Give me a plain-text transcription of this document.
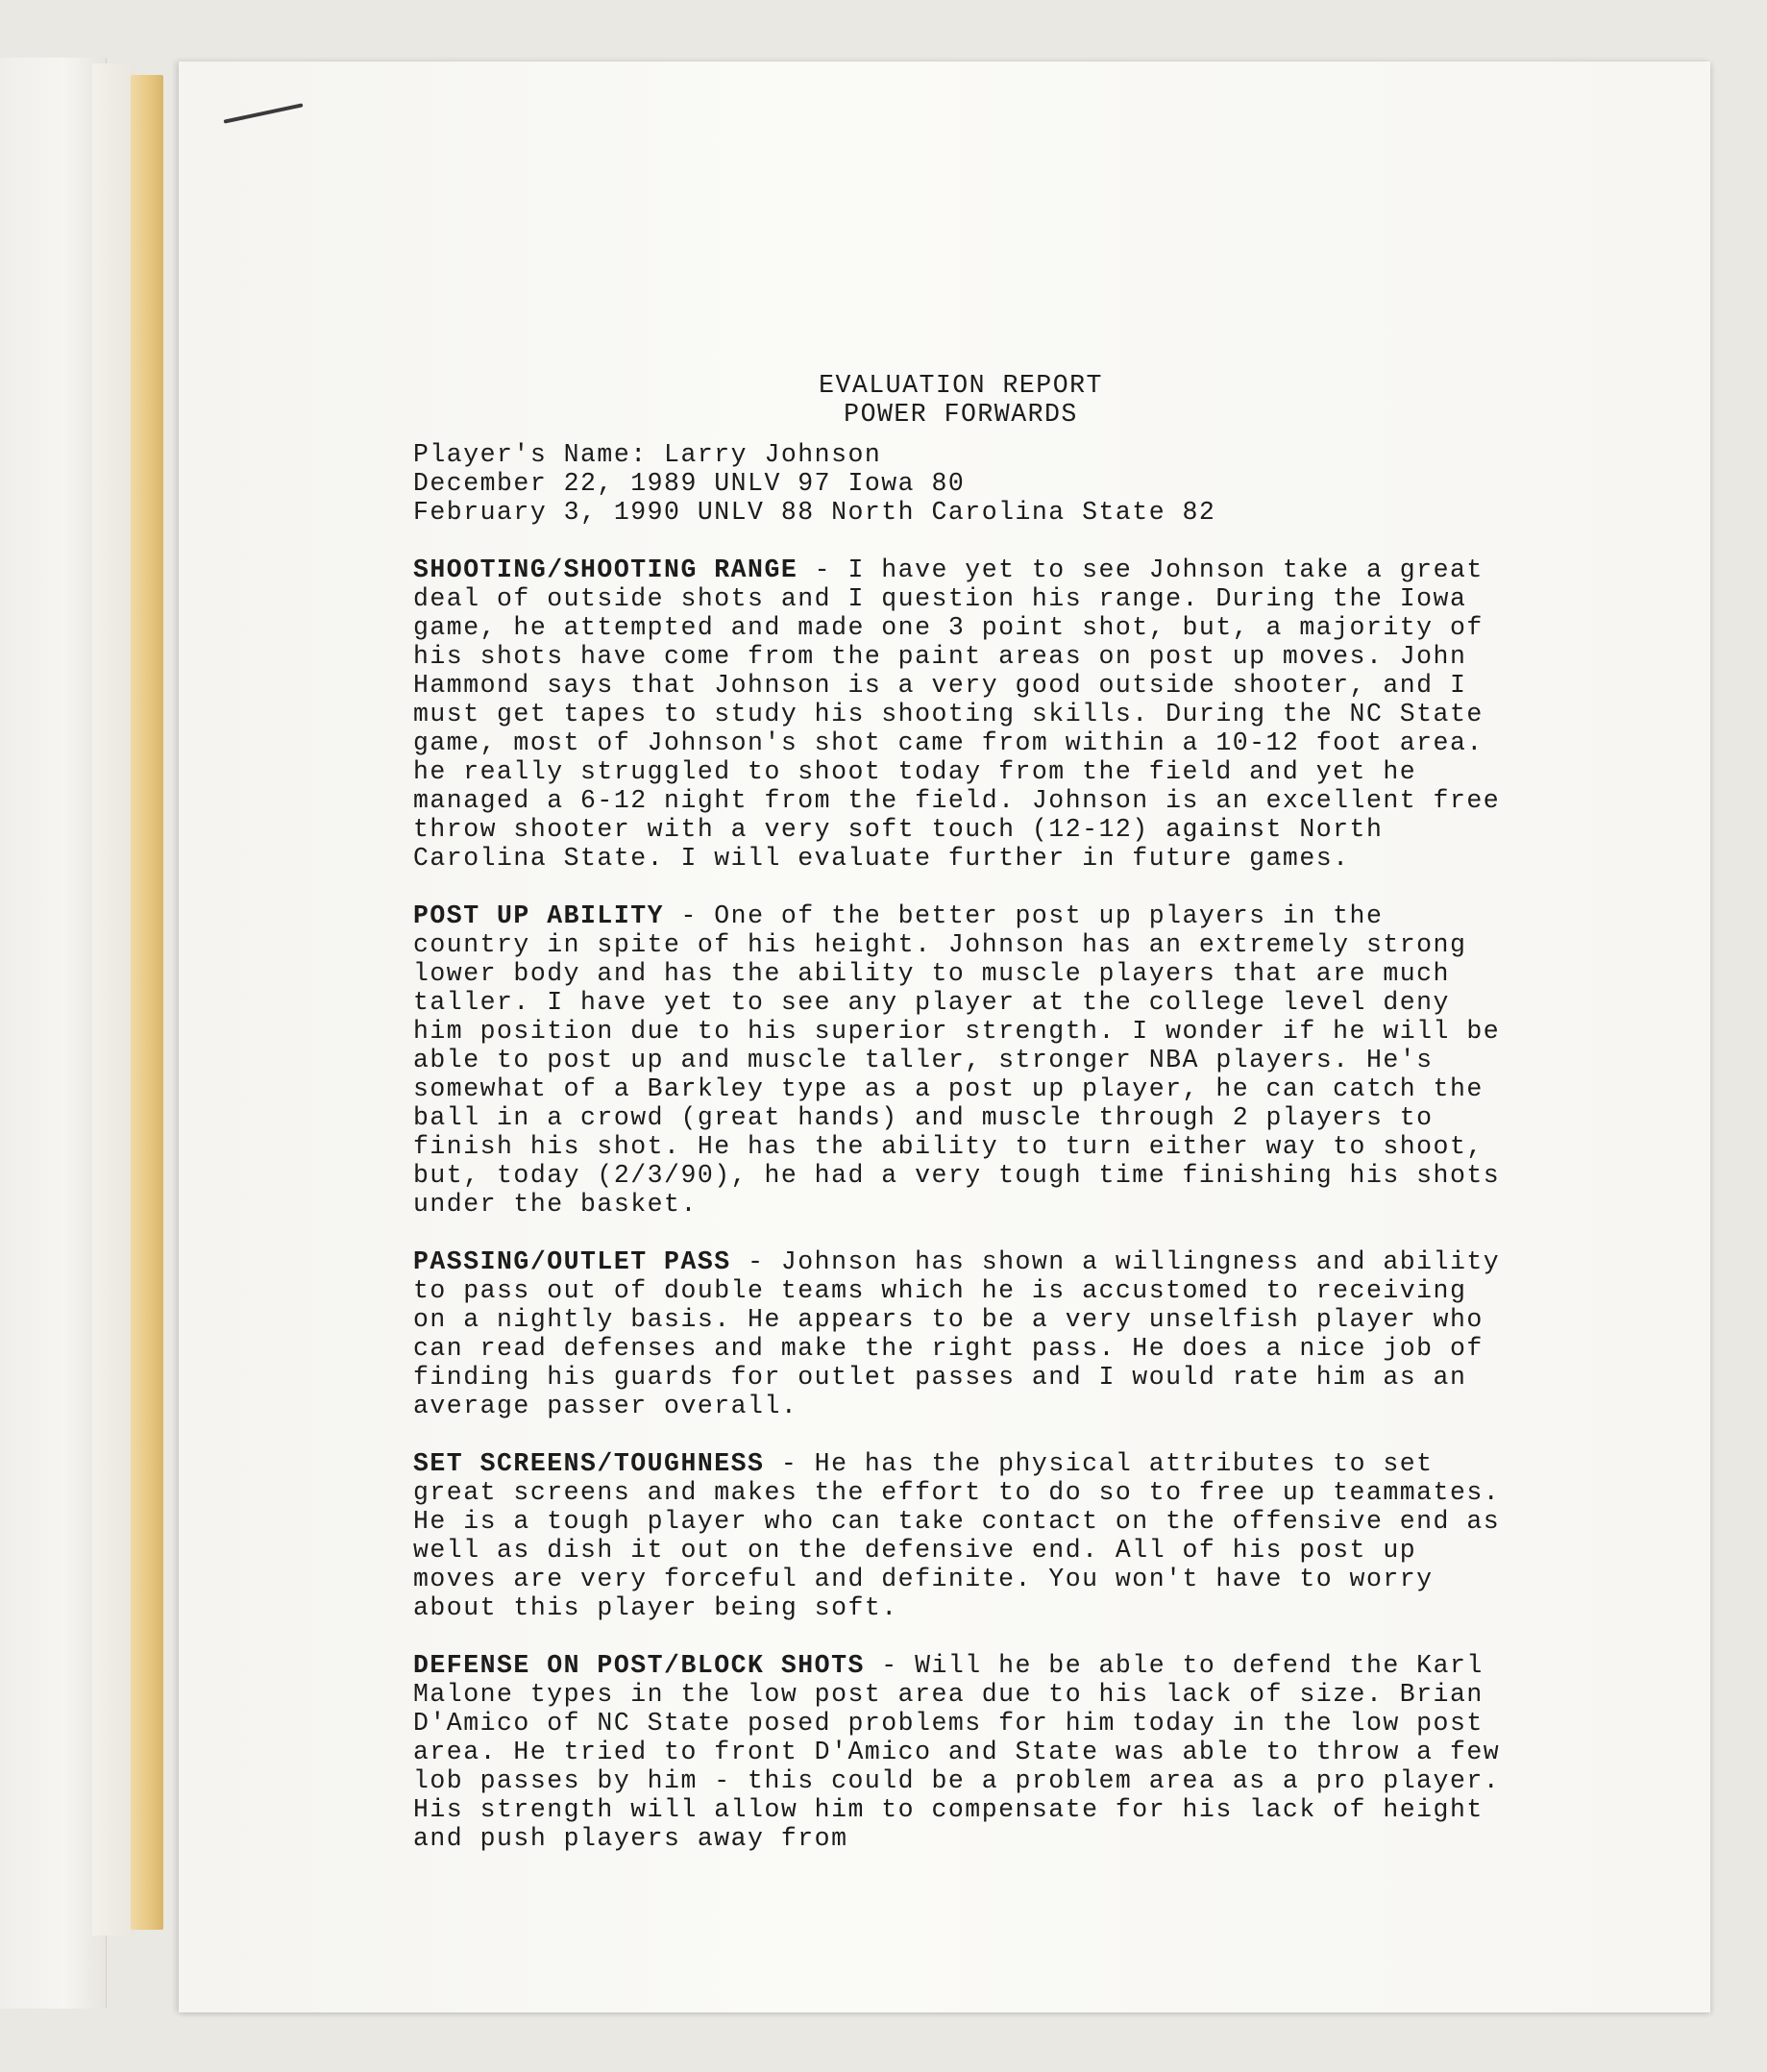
EVALUATION REPORT

POWER FORWARDS

Player's Name: Larry Johnson

December 22, 1989 UNLV 97 Iowa 80

February 3, 1990 UNLV 88 North Carolina State 82

SHOOTING/SHOOTING RANGE - I have yet to see Johnson take a great deal of outside shots and I question his range. During the Iowa game, he attempted and made one 3 point shot, but, a majority of his shots have come from the paint areas on post up moves. John Hammond says that Johnson is a very good outside shooter, and I must get tapes to study his shooting skills. During the NC State game, most of Johnson's shot came from within a 10-12 foot area. he really struggled to shoot today from the field and yet he managed a 6-12 night from the field. Johnson is an excellent free throw shooter with a very soft touch (12-12) against North Carolina State. I will evaluate further in future games.

POST UP ABILITY - One of the better post up players in the country in spite of his height. Johnson has an extremely strong lower body and has the ability to muscle players that are much taller. I have yet to see any player at the college level deny him position due to his superior strength. I wonder if he will be able to post up and muscle taller, stronger NBA players. He's somewhat of a Barkley type as a post up player, he can catch the ball in a crowd (great hands) and muscle through 2 players to finish his shot. He has the ability to turn either way to shoot, but, today (2/3/90), he had a very tough time finishing his shots under the basket.

PASSING/OUTLET PASS - Johnson has shown a willingness and ability to pass out of double teams which he is accustomed to receiving on a nightly basis. He appears to be a very unselfish player who can read defenses and make the right pass. He does a nice job of finding his guards for outlet passes and I would rate him as an average passer overall.

SET SCREENS/TOUGHNESS - He has the physical attributes to set great screens and makes the effort to do so to free up teammates. He is a tough player who can take contact on the offensive end as well as dish it out on the defensive end. All of his post up moves are very forceful and definite. You won't have to worry about this player being soft.

DEFENSE ON POST/BLOCK SHOTS - Will he be able to defend the Karl Malone types in the low post area due to his lack of size. Brian D'Amico of NC State posed problems for him today in the low post area. He tried to front D'Amico and State was able to throw a few lob passes by him - this could be a problem area as a pro player. His strength will allow him to compensate for his lack of height and push players away from
